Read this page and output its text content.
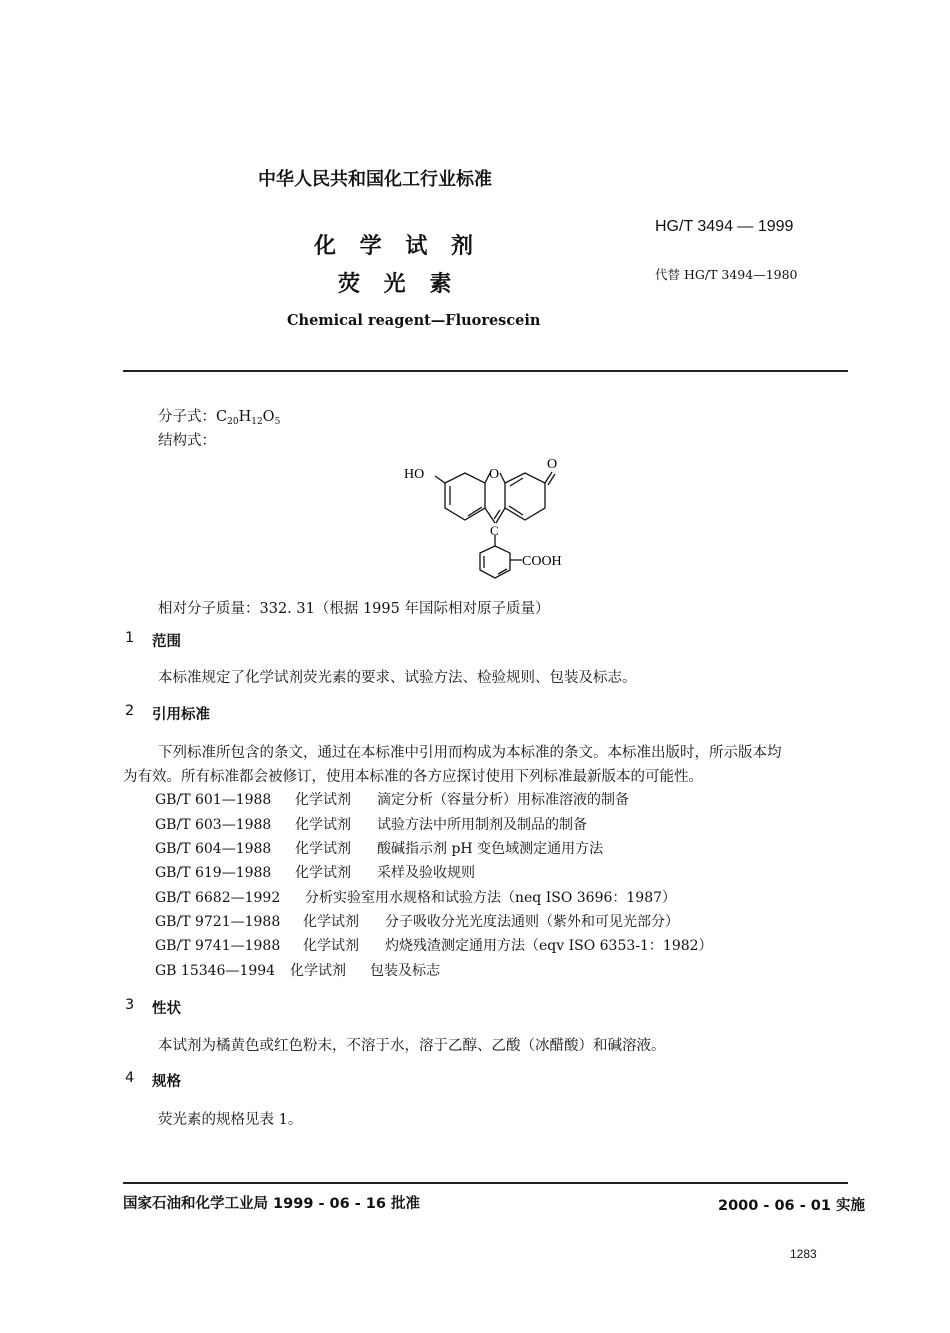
中华人民共和国化工行业标准
化 学 试 剂
荧 光 素
Chemical reagent—Fluorescein
HG/T 3494 — 1999
代替 HG/T 3494—1980
分子式：$C_{20}H_{12}O_5$
结构式：
HO	O
O
C
COOH
相对分子质量：332. 31（根据 1995 年国际相对原子质量）
1 范围
本标准规定了化学试剂荧光素的要求、试验方法、检验规则、包装及标志。
2 引用标准
下列标准所包含的条文，通过在本标准中引用而构成为本标准的条文。本标准出版时，所示版本均
为有效。所有标准都会被修订，使用本标准的各方应探讨使用下列标准最新版本的可能性。
GB/T 601—1988 化学试剂 滴定分析（容量分析）用标准溶液的制备
GB/T 603—1988 化学试剂 试验方法中所用制剂及制品的制备
GB/T 604—1988 化学试剂 酸碱指示剂 pH 变色域测定通用方法
GB/T 619—1988 化学试剂 采样及验收规则
GB/T 6682—1992 分析实验室用水规格和试验方法（neq ISO 3696：1987）
GB/T 9721—1988 化学试剂 分子吸收分光光度法通则（紫外和可见光部分）
GB/T 9741—1988 化学试剂 灼烧残渣测定通用方法（eqv ISO 6353-1：1982）
GB 15346—1994 化学试剂 包装及标志
3 性状
本试剂为橘黄色或红色粉末，不溶于水，溶于乙醇、乙酸（冰醋酸）和碱溶液。
4 规格
荧光素的规格见表 1。
国家石油和化学工业局 1999 - 06 - 16 批准	2000 - 06 - 01 实施
1283
